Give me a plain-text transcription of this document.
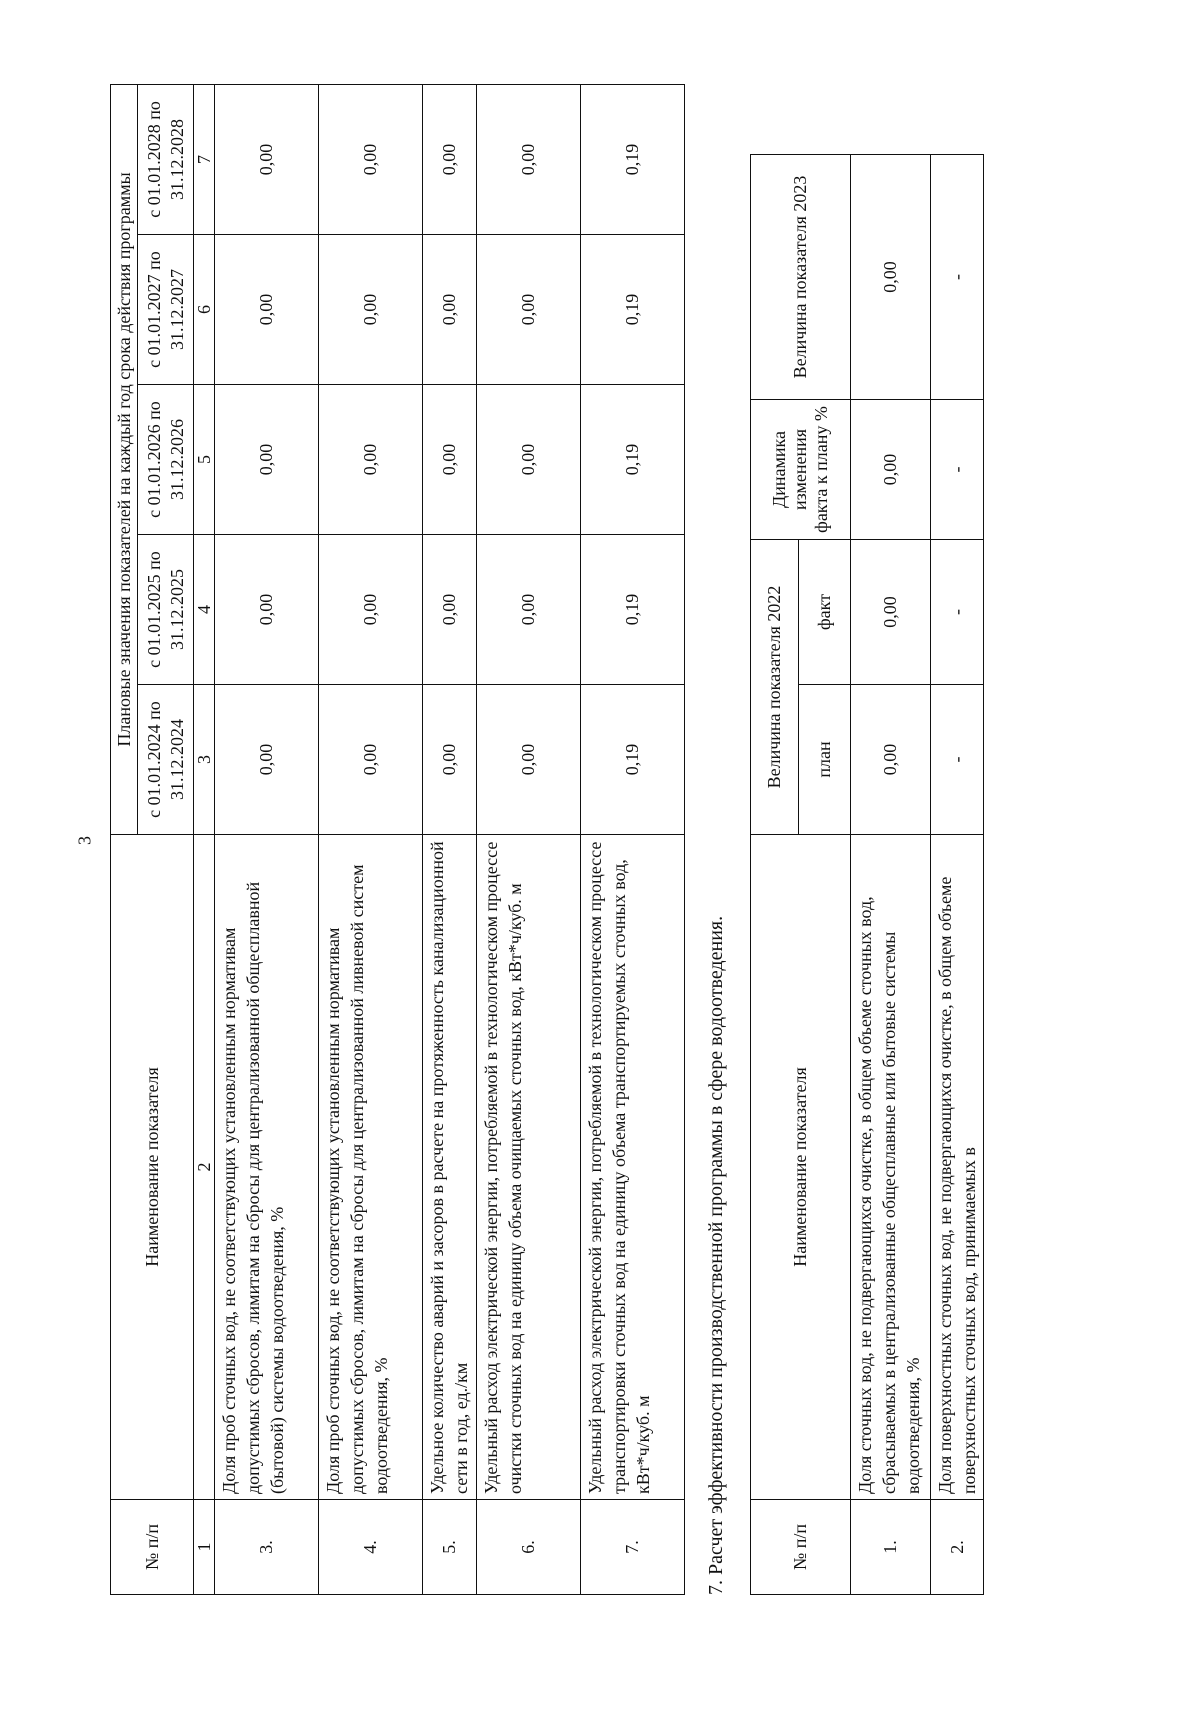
3
№ п/п	Наименование показателя	Плановые значения показателей на каждый год срока действия программы				
		с 01.01.2024 по 31.12.2024	с 01.01.2025 по 31.12.2025	с 01.01.2026 по 31.12.2026	с 01.01.2027 по 31.12.2027	с 01.01.2028 по 31.12.2028
1	2	3	4	5	6	7
3.	Доля проб сточных вод, не соответствующих установленным нормативам допустимых сбросов, лимитам на сбросы для централизованной общесплавной (бытовой) системы водоотведения, %	0,00	0,00	0,00	0,00	0,00
4.	Доля проб сточных вод, не соответствующих установленным нормативам допустимых сбросов, лимитам на сбросы для централизованной ливневой систем водоотведения, %	0,00	0,00	0,00	0,00	0,00
5.	Удельное количество аварий и засоров в расчете на протяженность канализационной сети в год, ед./км	0,00	0,00	0,00	0,00	0,00
6.	Удельный расход электрической энергии, потребляемой в технологическом процессе очистки сточных вод на единицу объема очищаемых сточных вод, кВт*ч/куб. м	0,00	0,00	0,00	0,00	0,00
7.	Удельный расход электрической энергии, потребляемой в технологическом процессе транспортировки сточных вод на единицу объема транспортируемых сточных вод, кВт*ч/куб. м	0,19	0,19	0,19	0,19	0,19
7. Расчет эффективности производственной программы в сфере водоотведения.	№ п/п	Наименование показателя	Величина показателя 2022		Динамика изменения факта к плану %	Величина показателя 2023
		план	факт		
1.	Доля сточных вод, не подвергающихся очистке, в общем объеме сточных вод, сбрасываемых в централизованные общесплавные или бытовые системы водоотведения, %	0,00	0,00	0,00	0,00
2.	Доля поверхностных сточных вод, не подвергающихся очистке, в общем объеме поверхностных сточных вод, принимаемых в	-	-	-	-
